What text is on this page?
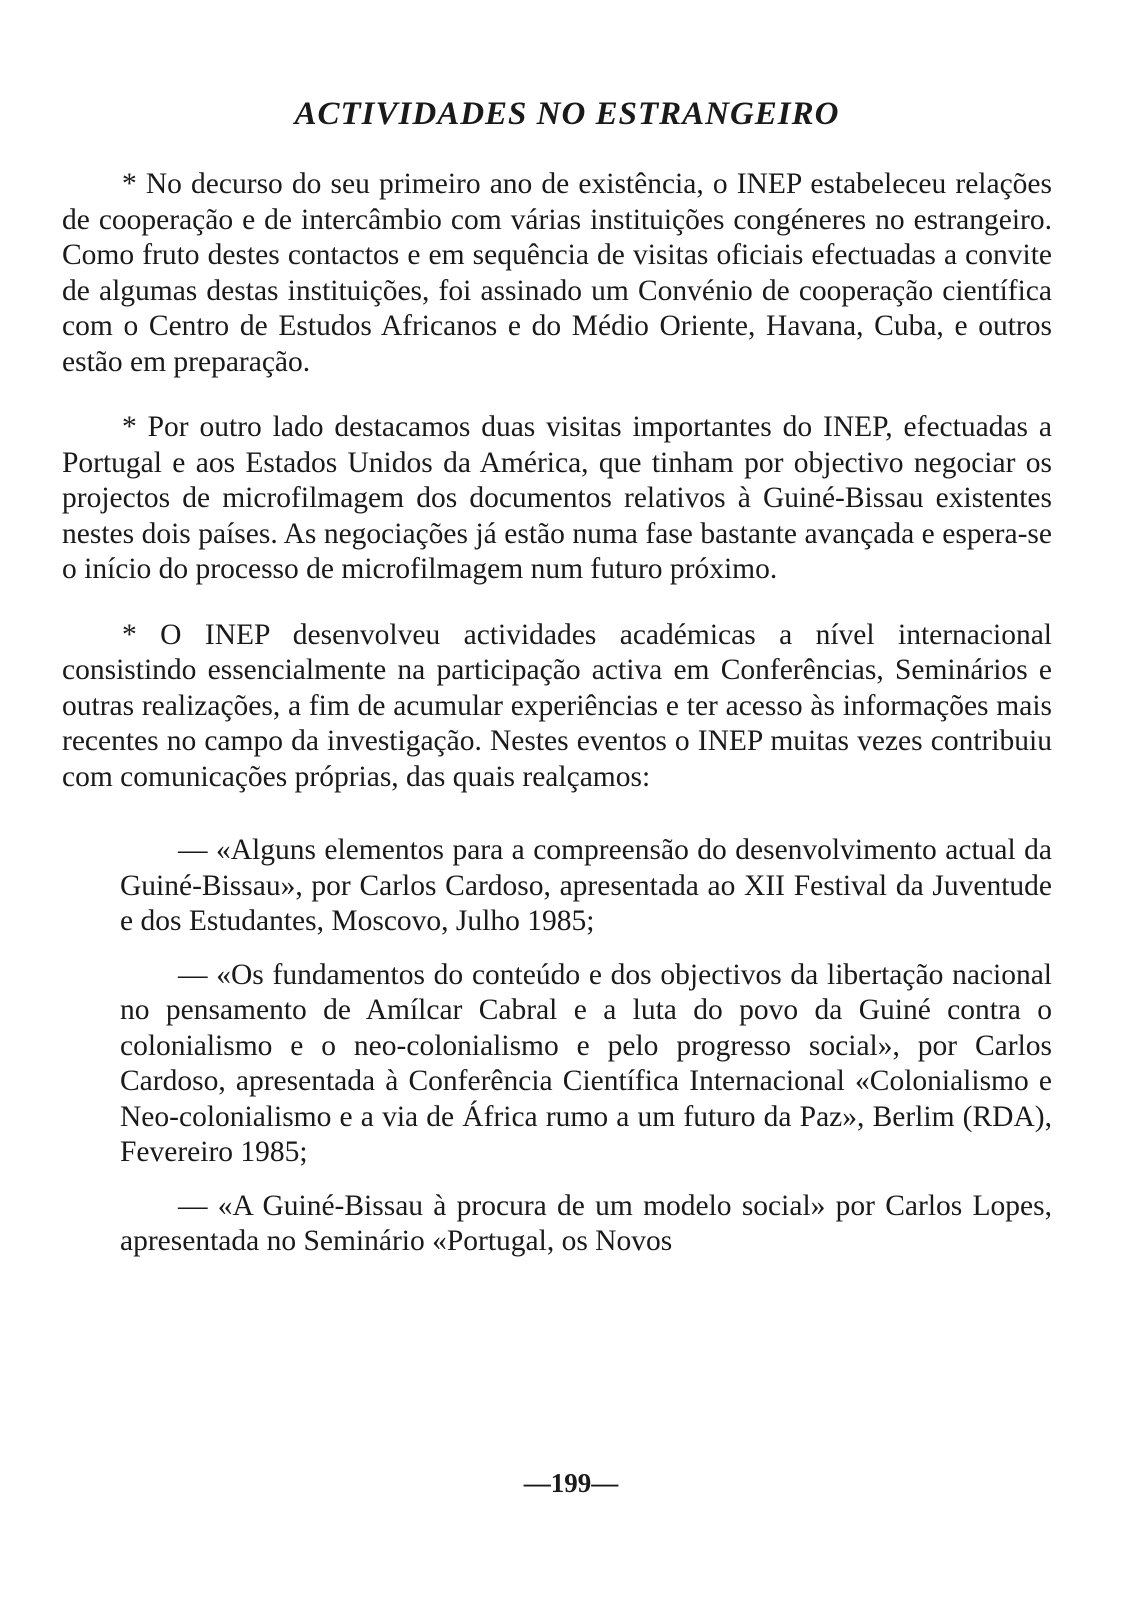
ACTIVIDADES NO ESTRANGEIRO

* No decurso do seu primeiro ano de existência, o INEP estabeleceu relações de cooperação e de intercâmbio com várias instituições congéneres no estrangeiro. Como fruto destes contactos e em sequência de visitas oficiais efectuadas a convite de algumas destas instituições, foi assinado um Convénio de cooperação científica com o Centro de Estudos Africanos e do Médio Oriente, Havana, Cuba, e outros estão em preparação.

* Por outro lado destacamos duas visitas importantes do INEP, efectuadas a Portugal e aos Estados Unidos da América, que tinham por objectivo negociar os projectos de microfilmagem dos documentos relativos à Guiné-Bissau existentes nestes dois países. As negociações já estão numa fase bastante avançada e espera-se o início do processo de microfilmagem num futuro próximo.

* O INEP desenvolveu actividades académicas a nível internacional consistindo essencialmente na participação activa em Conferências, Seminários e outras realizações, a fim de acumular experiências e ter acesso às informações mais recentes no campo da investigação. Nestes eventos o INEP muitas vezes contribuiu com comunicações próprias, das quais realçamos:

— «Alguns elementos para a compreensão do desenvolvimento actual da Guiné-Bissau», por Carlos Cardoso, apresentada ao XII Festival da Juventude e dos Estudantes, Moscovo, Julho 1985;

— «Os fundamentos do conteúdo e dos objectivos da libertação nacional no pensamento de Amílcar Cabral e a luta do povo da Guiné contra o colonialismo e o neo-colonialismo e pelo progresso social», por Carlos Cardoso, apresentada à Conferência Científica Internacional «Colonialismo e Neo-colonialismo e a via de África rumo a um futuro da Paz», Berlim (RDA), Fevereiro 1985;

— «A Guiné-Bissau à procura de um modelo social» por Carlos Lopes, apresentada no Seminário «Portugal, os Novos

—199—
